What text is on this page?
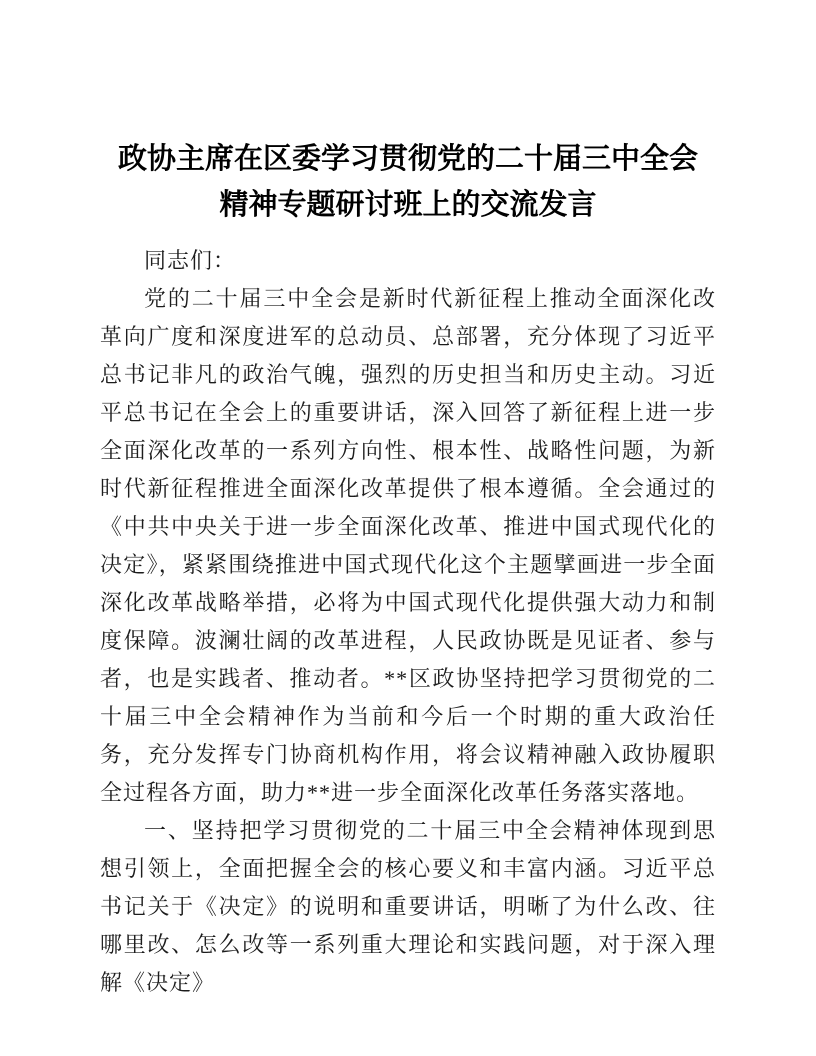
政协主席在区委学习贯彻党的二十届三中全会
精神专题研讨班上的交流发言

同志们：

党的二十届三中全会是新时代新征程上推动全面深化改革向广度和深度进军的总动员、总部署，充分体现了习近平总书记非凡的政治气魄，强烈的历史担当和历史主动。习近平总书记在全会上的重要讲话，深入回答了新征程上进一步全面深化改革的一系列方向性、根本性、战略性问题，为新时代新征程推进全面深化改革提供了根本遵循。全会通过的《中共中央关于进一步全面深化改革、推进中国式现代化的决定》，紧紧围绕推进中国式现代化这个主题擘画进一步全面深化改革战略举措，必将为中国式现代化提供强大动力和制度保障。波澜壮阔的改革进程，人民政协既是见证者、参与者，也是实践者、推动者。**区政协坚持把学习贯彻党的二十届三中全会精神作为当前和今后一个时期的重大政治任务，充分发挥专门协商机构作用，将会议精神融入政协履职全过程各方面，助力**进一步全面深化改革任务落实落地。

一、坚持把学习贯彻党的二十届三中全会精神体现到思想引领上，全面把握全会的核心要义和丰富内涵。习近平总书记关于《决定》的说明和重要讲话，明晰了为什么改、往哪里改、怎么改等一系列重大理论和实践问题，对于深入理解《决定》
